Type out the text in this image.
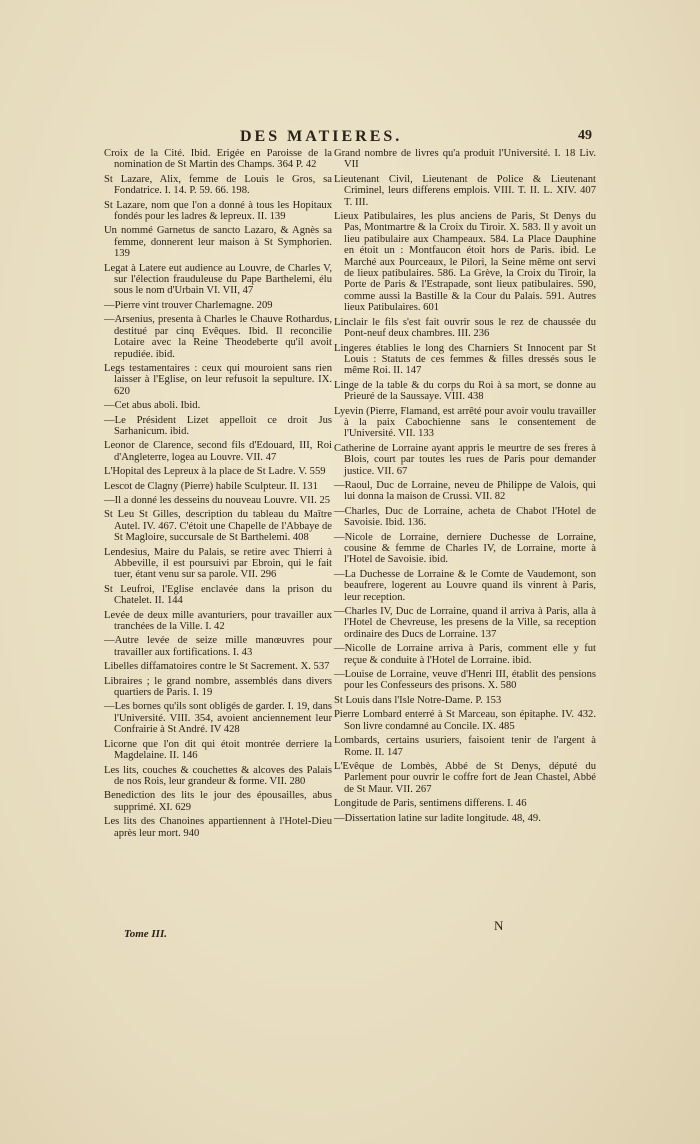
DES MATIERES.	49
Croix de la Cité. Ibid. Erigée en Paroisse de la nomination de St Martin des Champs. 364 P. 42
St Lazare, Alix, femme de Louis le Gros, sa Fondatrice. I. 14. P. 59. 66. 198.
St Lazare, nom que l'on a donné à tous les Hopitaux fondés pour les ladres & lepreux. II. 139
Un nommé Garnetus de sancto Lazaro, & Agnès sa femme, donnerent leur maison à St Symphorien. 139
Legat à Latere eut audience au Louvre, de Charles V, sur l'élection frauduleuse du Pape Barthelemi, élu sous le nom d'Urbain VI. VII, 47
—Pierre vint trouver Charlemagne. 209
—Arsenius, presenta à Charles le Chauve Rothardus, destitué par cinq Evêques. Ibid. Il reconcilie Lotaire avec la Reine Theodeberte qu'il avoit repudiée. ibid.
Legs testamentaires : ceux qui mouroient sans rien laisser à l'Eglise, on leur refusoit la sepulture. IX. 620
—Cet abus aboli. Ibid.
—Le Président Lizet appelloit ce droit Jus Sarhanicum. ibid.
Leonor de Clarence, second fils d'Edouard, III, Roi d'Angleterre, logea au Louvre. VII. 47
L'Hopital des Lepreux à la place de St Ladre. V. 559
Lescot de Clagny (Pierre) habile Sculpteur. II. 131
—Il a donné les desseins du nouveau Louvre. VII. 25
St Leu St Gilles, description du tableau du Maître Autel. IV. 467. C'étoit une Chapelle de l'Abbaye de St Magloire, succursale de St Barthelemi. 408
Lendesius, Maire du Palais, se retire avec Thierri à Abbeville, il est poursuivi par Ebroin, qui le fait tuer, étant venu sur sa parole. VII. 296
St Leufroi, l'Eglise enclavée dans la prison du Chatelet. II. 144
Levée de deux mille avanturiers, pour travailler aux tranchées de la Ville. I. 42
—Autre levée de seize mille manœuvres pour travailler aux fortifications. I. 43
Libelles diffamatoires contre le St Sacrement. X. 537
Libraires ; le grand nombre, assemblés dans divers quartiers de Paris. I. 19
—Les bornes qu'ils sont obligés de garder. I. 19, dans l'Université. VIII. 354, avoient anciennement leur Confrairie à St André. IV 428
Licorne que l'on dit qui étoit montrée derriere la Magdelaine. II. 146
Les lits, couches & couchettes & alcoves des Palais de nos Rois, leur grandeur & forme. VII. 280
Benediction des lits le jour des épousailles, abus supprimé. XI. 629
Les lits des Chanoines appartiennent à l'Hotel-Dieu après leur mort. 940
Grand nombre de livres qu'a produit l'Université. I. 18 Liv. VII
Lieutenant Civil, Lieutenant de Police & Lieutenant Criminel, leurs differens emplois. VIII. T. II. L. XIV. 407 T. III.
Lieux Patibulaires, les plus anciens de Paris, St Denys du Pas, Montmartre & la Croix du Tiroir. X. 583. Il y avoit un lieu patibulaire aux Champeaux. 584. La Place Dauphine en étoit un : Montfaucon étoit hors de Paris. ibid. Le Marché aux Pourceaux, le Pilori, la Seine même ont servi de lieux patibulaires. 586. La Grève, la Croix du Tiroir, la Porte de Paris & l'Estrapade, sont lieux patibulaires. 590, comme aussi la Bastille & la Cour du Palais. 591. Autres lieux Patibulaires. 601
Linclair le fils s'est fait ouvrir sous le rez de chaussée du Pont-neuf deux chambres. III. 236
Lingeres établies le long des Charniers St Innocent par St Louis : Statuts de ces femmes & filles dressés sous le même Roi. II. 147
Linge de la table & du corps du Roi à sa mort, se donne au Prieuré de la Saussaye. VIII. 438
Lyevin (Pierre, Flamand, est arrêté pour avoir voulu travailler à la paix Cabochienne sans le consentement de l'Université. VII. 133
Catherine de Lorraine ayant appris le meurtre de ses freres à Blois, court par toutes les rues de Paris pour demander justice. VII. 67
—Raoul, Duc de Lorraine, neveu de Philippe de Valois, qui lui donna la maison de Crussi. VII. 82
—Charles, Duc de Lorraine, acheta de Chabot l'Hotel de Savoisie. Ibid. 136.
—Nicole de Lorraine, derniere Duchesse de Lorraine, cousine & femme de Charles IV, de Lorraine, morte à l'Hotel de Savoisie. ibid.
—La Duchesse de Lorraine & le Comte de Vaudemont, son beaufrere, logerent au Louvre quand ils vinrent à Paris, leur reception.
—Charles IV, Duc de Lorraine, quand il arriva à Paris, alla à l'Hotel de Chevreuse, les presens de la Ville, sa reception ordinaire des Ducs de Lorraine. 137
—Nicolle de Lorraine arriva à Paris, comment elle y fut reçue & conduite à l'Hotel de Lorraine. ibid.
—Louise de Lorraine, veuve d'Henri III, établit des pensions pour les Confesseurs des prisons. X. 580
St Louis dans l'Isle Notre-Dame. P. 153
Pierre Lombard enterré à St Marceau, son épitaphe. IV. 432. Son livre condamné au Concile. IX. 485
Lombards, certains usuriers, faisoient tenir de l'argent à Rome. II. 147
L'Evêque de Lombès, Abbé de St Denys, député du Parlement pour ouvrir le coffre fort de Jean Chastel, Abbé de St Maur. VII. 267
Longitude de Paris, sentimens differens. I. 46
—Dissertation latine sur ladite longitude. 48, 49.
Tome III.
N
